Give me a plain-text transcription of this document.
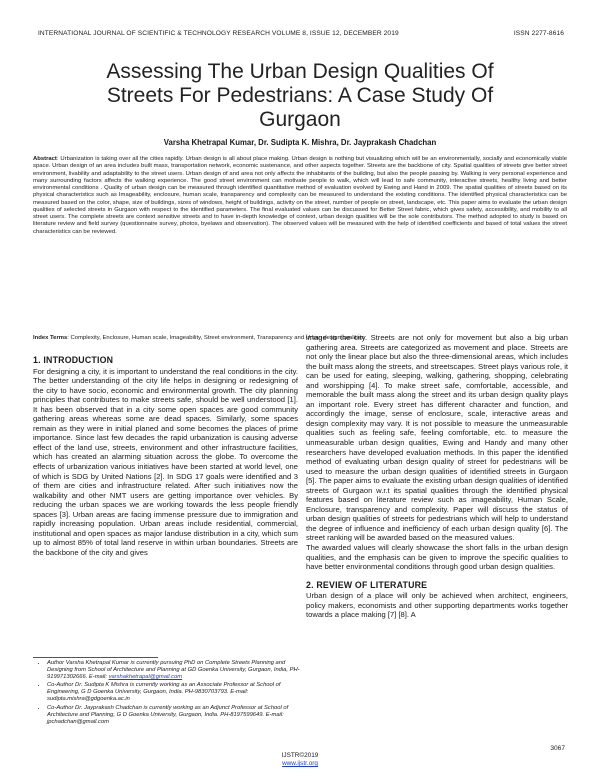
INTERNATIONAL JOURNAL OF SCIENTIFIC & TECHNOLOGY RESEARCH VOLUME 8, ISSUE 12, DECEMBER 2019	ISSN 2277-8616
Assessing The Urban Design Qualities Of
Streets For Pedestrians: A Case Study Of
Gurgaon
Varsha Khetrapal Kumar, Dr. Sudipta K. Mishra, Dr. Jayprakash Chadchan
Abstract: Urbanization is taking over all the cities rapidly. Urban design is all about place making. Urban design is nothing but visualizing which will be an environmentally, socially and economically viable space. Urban design of an area includes built mass, transportation network, economic sustenance, and other aspects together. Streets are the backbone of city. Spatial qualities of streets give better street environment, livability and adaptability to the street users. Urban design of and area not only affects the inhabitants of the building, but also the people passing by. Walking is very personal experience and many surrounding factors affects the walking experience. The good street environment can motivate people to walk, which will lead to safe community, interactive streets, healthy living and better environmental conditions . Quality of urban design can be measured through identified quantitative method of evaluation evolved by Ewing and Hand in 2009. The spatial qualities of streets based on its physical characteristics such as Imageability, enclosure, human scale, transparency and complexity can be measured to understand the existing conditions. The identified physical characteristics can be measured based on the color, shape, size of buildings, sizes of windows, height of buildings, activity on the street, number of people on street, landscape, etc. This paper aims to evaluate the urban design qualities of selected streets in Gurgaon with respect to the identified parameters. The final evaluated values can be discussed for Better Street fabric, which gives safety, accessibility, and mobility to all street users. The complete streets are context sensitive streets and to have in-depth knowledge of context, urban design qualities will be the sole contributors. The method adopted to study is based on literature review and field survey (questionnaire survey, photos, byelaws and observation). The observed values will be measured with the help of identified coefficients and based of total values the street characteristics can be reviewed.
Index Terms: Complexity, Enclosure, Human scale, Imageability, Street environment, Transparency and Urban design qualities
1. INTRODUCTION

For designing a city, it is important to understand the real conditions in the city. The better understanding of the city life helps in designing or redesigning of the city to have socio, economic and environmental growth. The city planning principles that contributes to make streets safe, should be well understood [1]. It has been observed that in a city some open spaces are good community gathering areas whereas some are dead spaces. Similarly, some spaces remain as they were in initial planed and some becomes the places of prime importance. Since last few decades the rapid urbanization is causing adverse effect of the land use, streets, environment and other infrastructure facilities, which has created an alarming situation across the globe. To overcome the effects of urbanization various initiatives have been started at world level, one of which is SDG by United Nations [2]. In SDG 17 goals were identified and 3 of them are cities and infrastructure related. After such initiatives now the walkability and other NMT users are getting importance over vehicles. By reducing the urban spaces we are working towards the less people friendly spaces [3]. Urban areas are facing immense pressure due to immigration and rapidly increasing population. Urban areas include residential, commercial, institutional and open spaces as major landuse distribution in a city, which sum up to almost 85% of total land reserve in within urban boundaries. Streets are the backbone of the city and gives

image to the city. Streets are not only for movement but also a big urban gathering area. Streets are categorized as movement and place. Streets are not only the linear place but also the three-dimensional areas, which includes the built mass along the streets, and streetscapes. Street plays various role, it can be used for eating, sleeping, walking, gathering, shopping, celebrating and worshipping [4]. To make street safe, comfortable, accessible, and memorable the built mass along the street and its urban design quality plays an important role. Every street has different character and function, and accordingly the image, sense of enclosure, scale, interactive areas and design complexity may vary. It is not possible to measure the unmeasurable qualities such as feeling safe, feeling comfortable, etc. to measure the unmeasurable urban design qualities, Ewing and Handy and many other researchers have developed evaluation methods. In this paper the identified method of evaluating urban design quality of street for pedestrians will be used to measure the urban design qualities of identified streets in Gurgaon [5]. The paper aims to evaluate the existing urban design qualities of identified streets of Gurgaon w.r.t its spatial qualities through the identified physical features based on literature review such as imageability, Human Scale, Enclosure, transparency and complexity. Paper will discuss the status of urban design qualities of streets for pedestrians which will help to understand the degree of influence and inefficiency of each urban design quality [6]. The street ranking will be awarded based on the measured values.

The awarded values will clearly showcase the short falls in the urban design qualities, and the emphasis can be given to improve the specific qualities to have better environmental conditions through good urban design qualities.

2. REVIEW OF LITERATURE

Urban design of a place will only be achieved when architect, engineers, policy makers, economists and other supporting departments works together towards a place making [7] [8]. A

• Author Varsha Khetrapal Kumar is currently pursuing PhD on Complete Streets Planning and Designing from School of Architecture and Planning at GD Goenka University, Gurgaon, India, PH-919971302666. E-mail: varshakhetrapal@gmail.com
• Co-Author Dr. Sudipta K Mishra is currently working as an Associate Professor at School of Engineering, G D Goenka University, Gurgaon, India. PH-9830703793. E-mail: sudipta.mishra@gdgoenka.ac.in
• Co-Author Dr. Jayprakash Chadchan is currently working as an Adjunct Professor at School of Architecture and Planning, G D Goenka University, Gurgaon, India. PH-8197599649. E-mail: jpchadchan@gmail.com
3067
IJSTR©2019
www.ijstr.org
